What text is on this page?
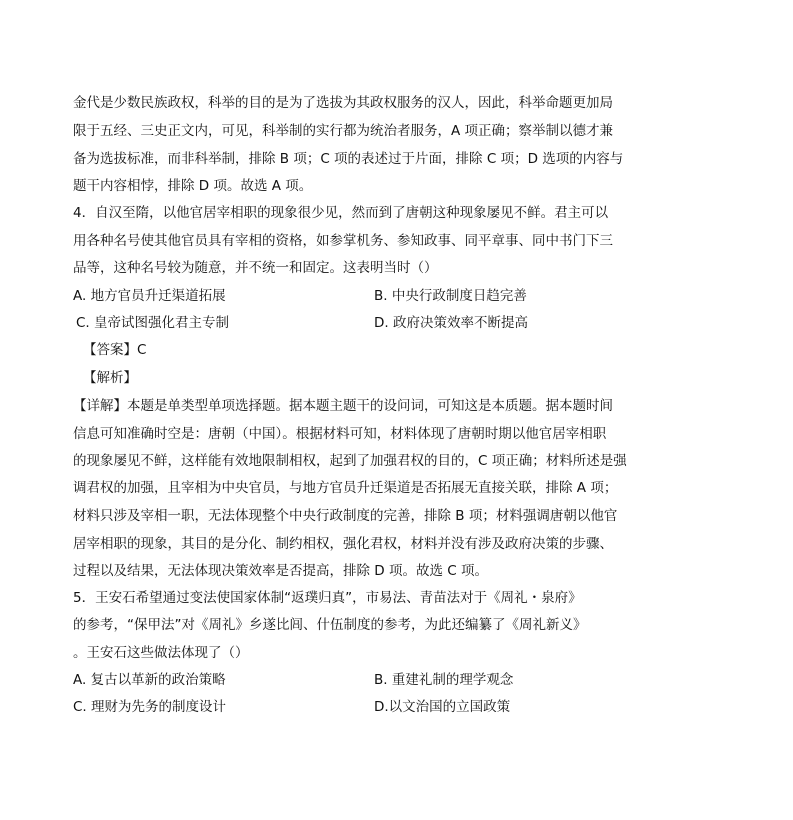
金代是少数民族政权，科举的目的是为了选拔为其政权服务的汉人，因此，科举命题更加局
限于五经、三史正文内，可见，科举制的实行都为统治者服务，A 项正确；察举制以德才兼
备为选拔标准，而非科举制，排除 B 项；C 项的表述过于片面，排除 C 项；D 选项的内容与
题干内容相悖，排除 D 项。故选 A 项。
4．自汉至隋，以他官居宰相职的现象很少见，然而到了唐朝这种现象屡见不鲜。君主可以
用各种名号使其他官员具有宰相的资格，如参掌机务、参知政事、同平章事、同中书门下三
品等，这种名号较为随意，并不统一和固定。这表明当时（）
A. 地方官员升迁渠道拓展	B. 中央行政制度日趋完善
C. 皇帝试图强化君主专制	D. 政府决策效率不断提高
【答案】C
【解析】
【详解】本题是单类型单项选择题。据本题主题干的设问词，可知这是本质题。据本题时间
信息可知准确时空是：唐朝（中国）。根据材料可知，材料体现了唐朝时期以他官居宰相职
的现象屡见不鲜，这样能有效地限制相权，起到了加强君权的目的，C 项正确；材料所述是强
调君权的加强，且宰相为中央官员，与地方官员升迁渠道是否拓展无直接关联，排除 A 项；
材料只涉及宰相一职，无法体现整个中央行政制度的完善，排除 B 项；材料强调唐朝以他官
居宰相职的现象，其目的是分化、制约相权，强化君权，材料并没有涉及政府决策的步骤、
过程以及结果，无法体现决策效率是否提高，排除 D 项。故选 C 项。
5．王安石希望通过变法使国家体制“返璞归真”，市易法、青苗法对于《周礼・泉府》
的参考，“保甲法”对《周礼》乡遂比闾、什伍制度的参考，为此还编纂了《周礼新义》
。王安石这些做法体现了（）
A. 复古以革新的政治策略	B. 重建礼制的理学观念
C. 理财为先务的制度设计	D.以文治国的立国政策
